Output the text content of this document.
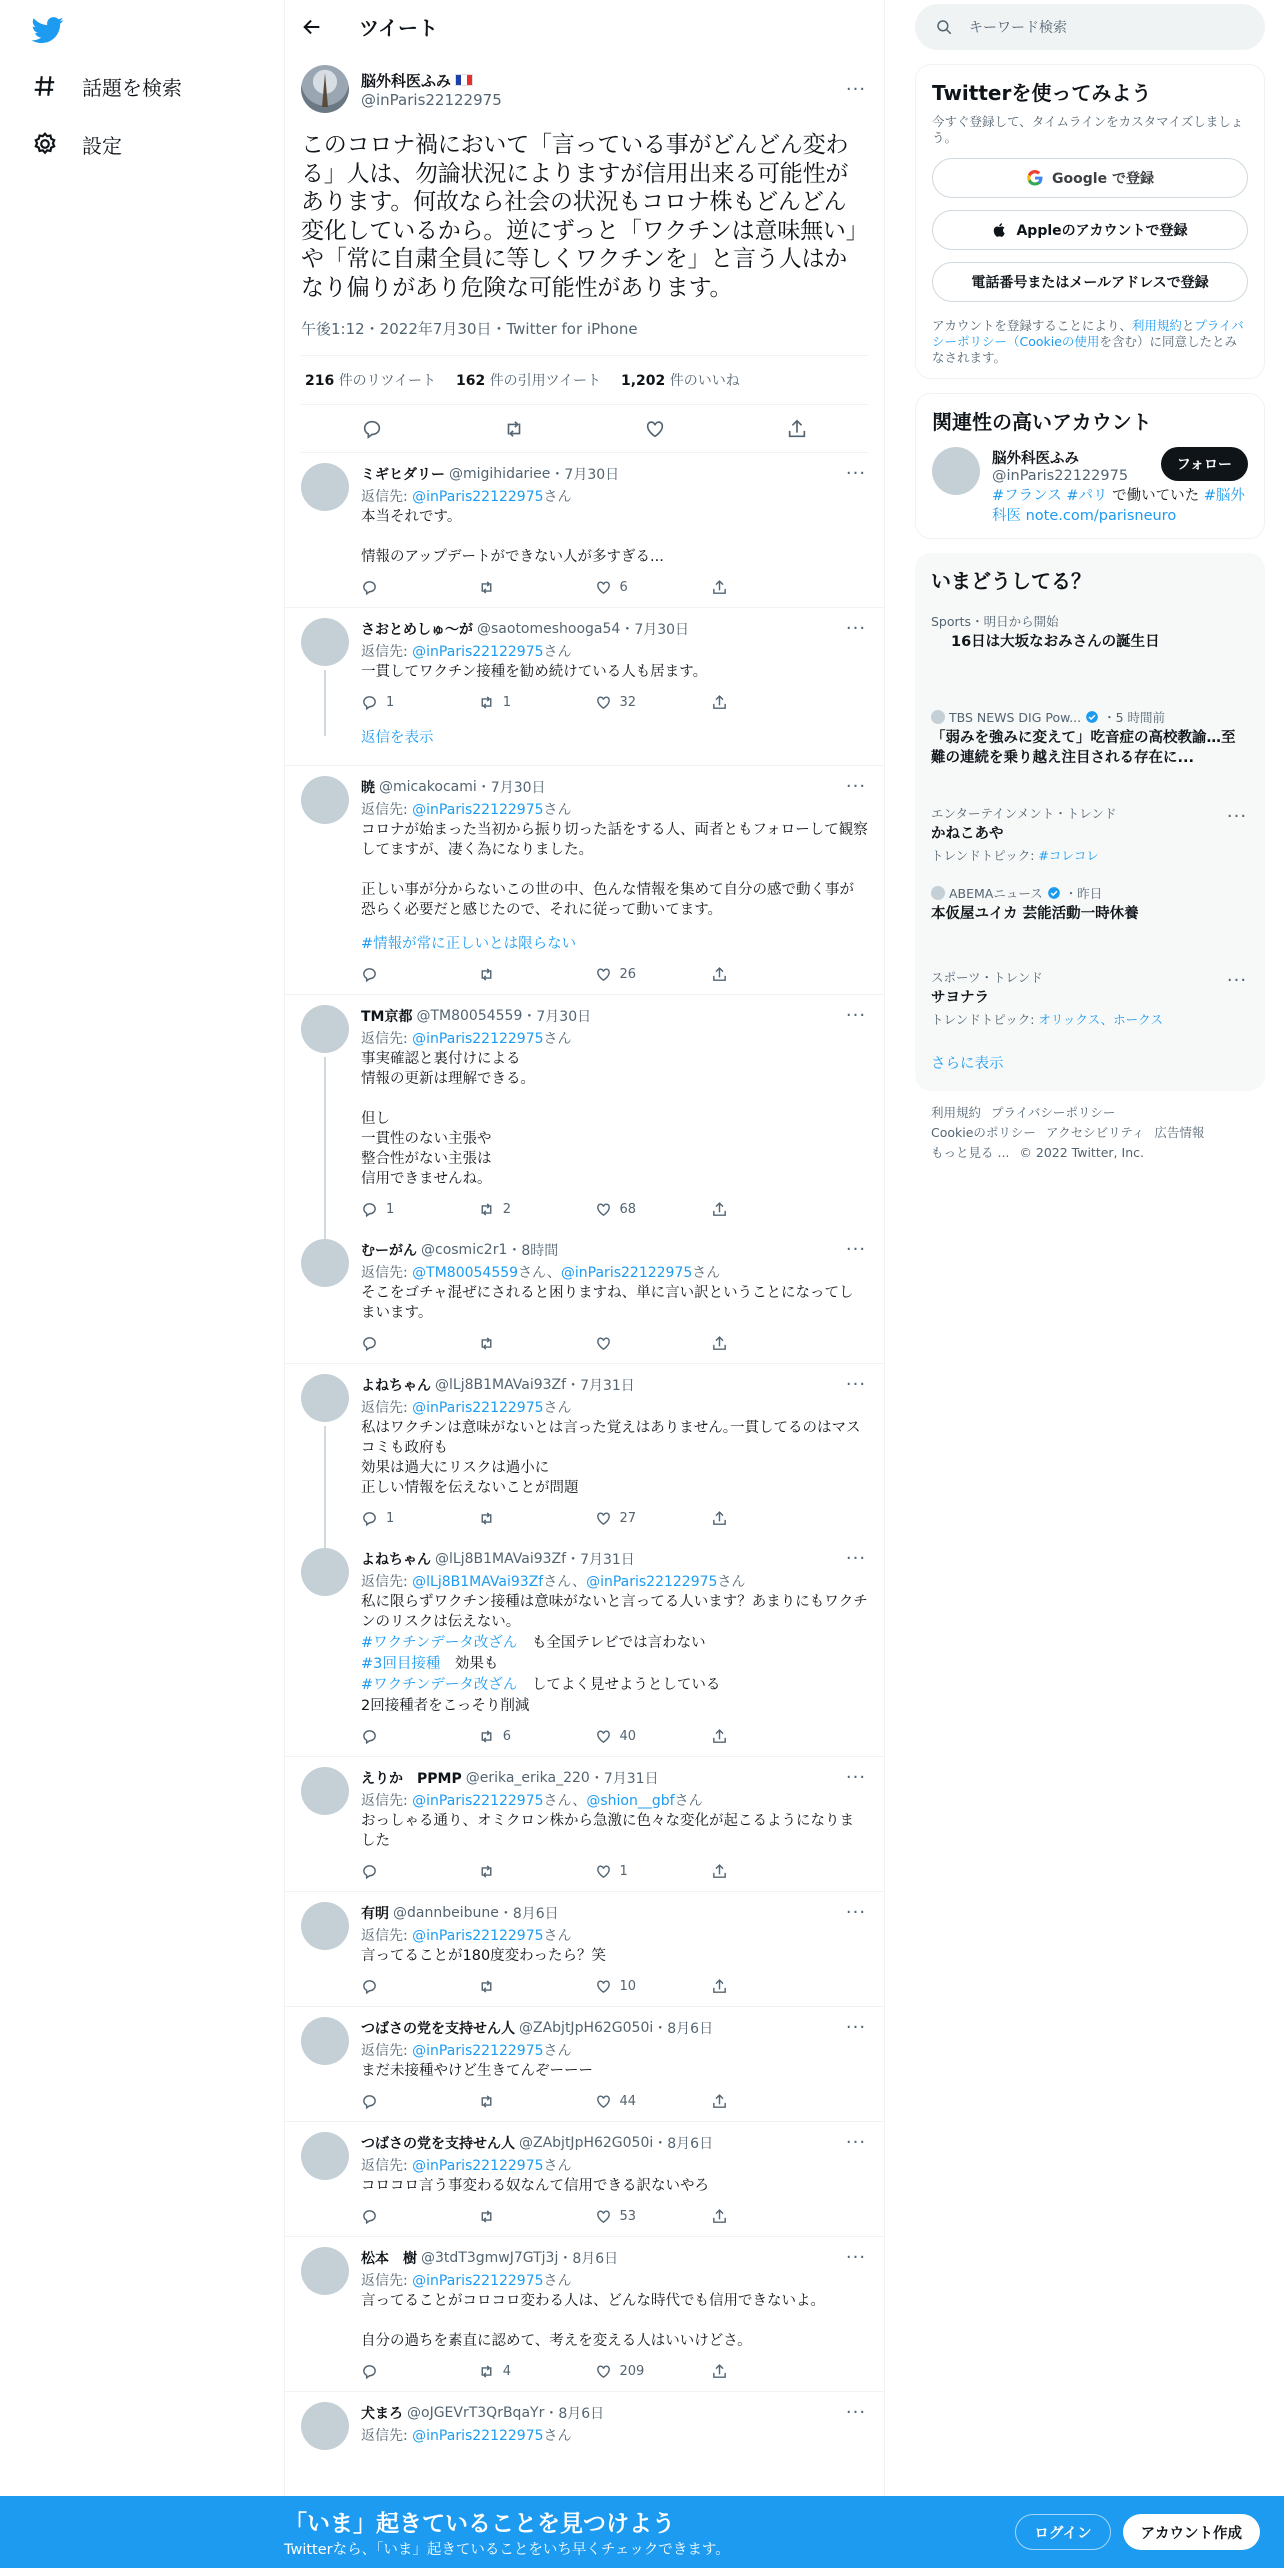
話題を検索
設定
ツイート
脳外科医ふみ
@inParis22122975	···
このコロナ禍において「言っている事がどんどん変わる」人は、勿論状況によりますが信用出来る可能性があります。何故なら社会の状況もコロナ株もどんどん変化しているから。逆にずっと「ワクチンは意味無い」や「常に自粛全員に等しくワクチンを」と言う人はかなり偏りがあり危険な可能性があります。
午後1:12・2022年7月30日・Twitter for iPhone
216 件のリツイート 162 件の引用ツイート 1,202 件のいいね
ミギヒダリー @migihidariee ・ 7月30日	···
返信先: @inParis22122975さん
本当それです。

情報のアップデートができない人が多すぎる...
6
さおとめしゅ〜が @saotomeshooga54 ・ 7月30日	···
返信先: @inParis22122975さん
一貫してワクチン接種を勧め続けている人も居ます。
1	1	32
返信を表示
暁 @micakocami ・ 7月30日	···
返信先: @inParis22122975さん
コロナが始まった当初から振り切った話をする人、両者ともフォローして観察してますが、凄く為になりました。

正しい事が分からないこの世の中、色んな情報を集めて自分の感で動く事が恐らく必要だと感じたので、それに従って動いてます。
#情報が常に正しいとは限らない
26
TM京都 @TM80054559 ・ 7月30日	···
返信先: @inParis22122975さん
事実確認と裏付けによる
情報の更新は理解できる。

但し
一貫性のない主張や
整合性がない主張は
信用できませんね。
1	2	68
むーがん @cosmic2r1 ・ 8時間	···
返信先: @TM80054559さん、@inParis22122975さん
そこをゴチャ混ぜにされると困りますね、単に言い訳ということになってしまいます。
よねちゃん @lLj8B1MAVai93Zf ・ 7月31日	···
返信先: @inParis22122975さん
私はワクチンは意味がないとは言った覚えはありません｡一貫してるのはマスコミも政府も
効果は過大にリスクは過小に
正しい情報を伝えないことが問題
1	27
よねちゃん @lLj8B1MAVai93Zf ・ 7月31日	···
返信先: @lLj8B1MAVai93Zfさん、@inParis22122975さん
私に限らずワクチン接種は意味がないと言ってる人います？あまりにもワクチンのリスクは伝えない。
#ワクチンデータ改ざん　 も全国テレビでは言わない
#3回目接種　 効果も
#ワクチンデータ改ざん　 してよく見せようとしている
2回接種者をこっそり削減
6	40
えりか　PPMP @erika_erika_220 ・ 7月31日	···
返信先: @inParis22122975さん、@shion__gbfさん
おっしゃる通り、オミクロン株から急激に色々な変化が起こるようになりました
1
有明 @dannbeibune ・ 8月6日	···
返信先: @inParis22122975さん
言ってることが180度変わったら？笑
10
つばさの党を支持せん人 @ZAbjtJpH62G050i ・ 8月6日	···
返信先: @inParis22122975さん
まだ未接種やけど生きてんぞーーー
44
つばさの党を支持せん人 @ZAbjtJpH62G050i ・ 8月6日	···
返信先: @inParis22122975さん
コロコロ言う事変わる奴なんて信用できる訳ないやろ
53
松本　樹 @3tdT3gmwJ7GTj3j ・ 8月6日	···
返信先: @inParis22122975さん
言ってることがコロコロ変わる人は、どんな時代でも信用できないよ。

自分の過ちを素直に認めて、考えを変える人はいいけどさ。
4	209
犬まろ @oJGEVrT3QrBqaYr ・ 8月6日	···
返信先: @inParis22122975さん
キーワード検索
Twitterを使ってみよう
今すぐ登録して、タイムラインをカスタマイズしましょう。
Google で登録
Appleのアカウントで登録
電話番号またはメールアドレスで登録
アカウントを登録することにより、利用規約とプライバシーポリシー（Cookieの使用を含む）に同意したとみなされます。
関連性の高いアカウント
脳外科医ふみ
@inParis22122975
フォロー
#フランス #パリ で働いていた #脳外科医 note.com/parisneuro
いまどうしてる？
Sports・明日から開始
16日は大坂なおみさんの誕生日
TBS NEWS DIG Pow... ・5 時間前
「弱みを強みに変えて」吃音症の高校教諭…至難の連続を乗り越え注目される存在に...
エンターテインメント・トレンド
かねこあや
トレンドトピック: #コレコレ
···
ABEMAニュース ・昨日
本仮屋ユイカ 芸能活動一時休養
スポーツ・トレンド
サヨナラ
トレンドトピック: オリックス、ホークス
···
さらに表示
利用規約 プライバシーポリシー
Cookieのポリシー アクセシビリティ 広告情報
もっと見る ... © 2022 Twitter, Inc.
「いま」起きていることを見つけよう
Twitterなら、「いま」起きていることをいち早くチェックできます。
ログイン	アカウント作成
